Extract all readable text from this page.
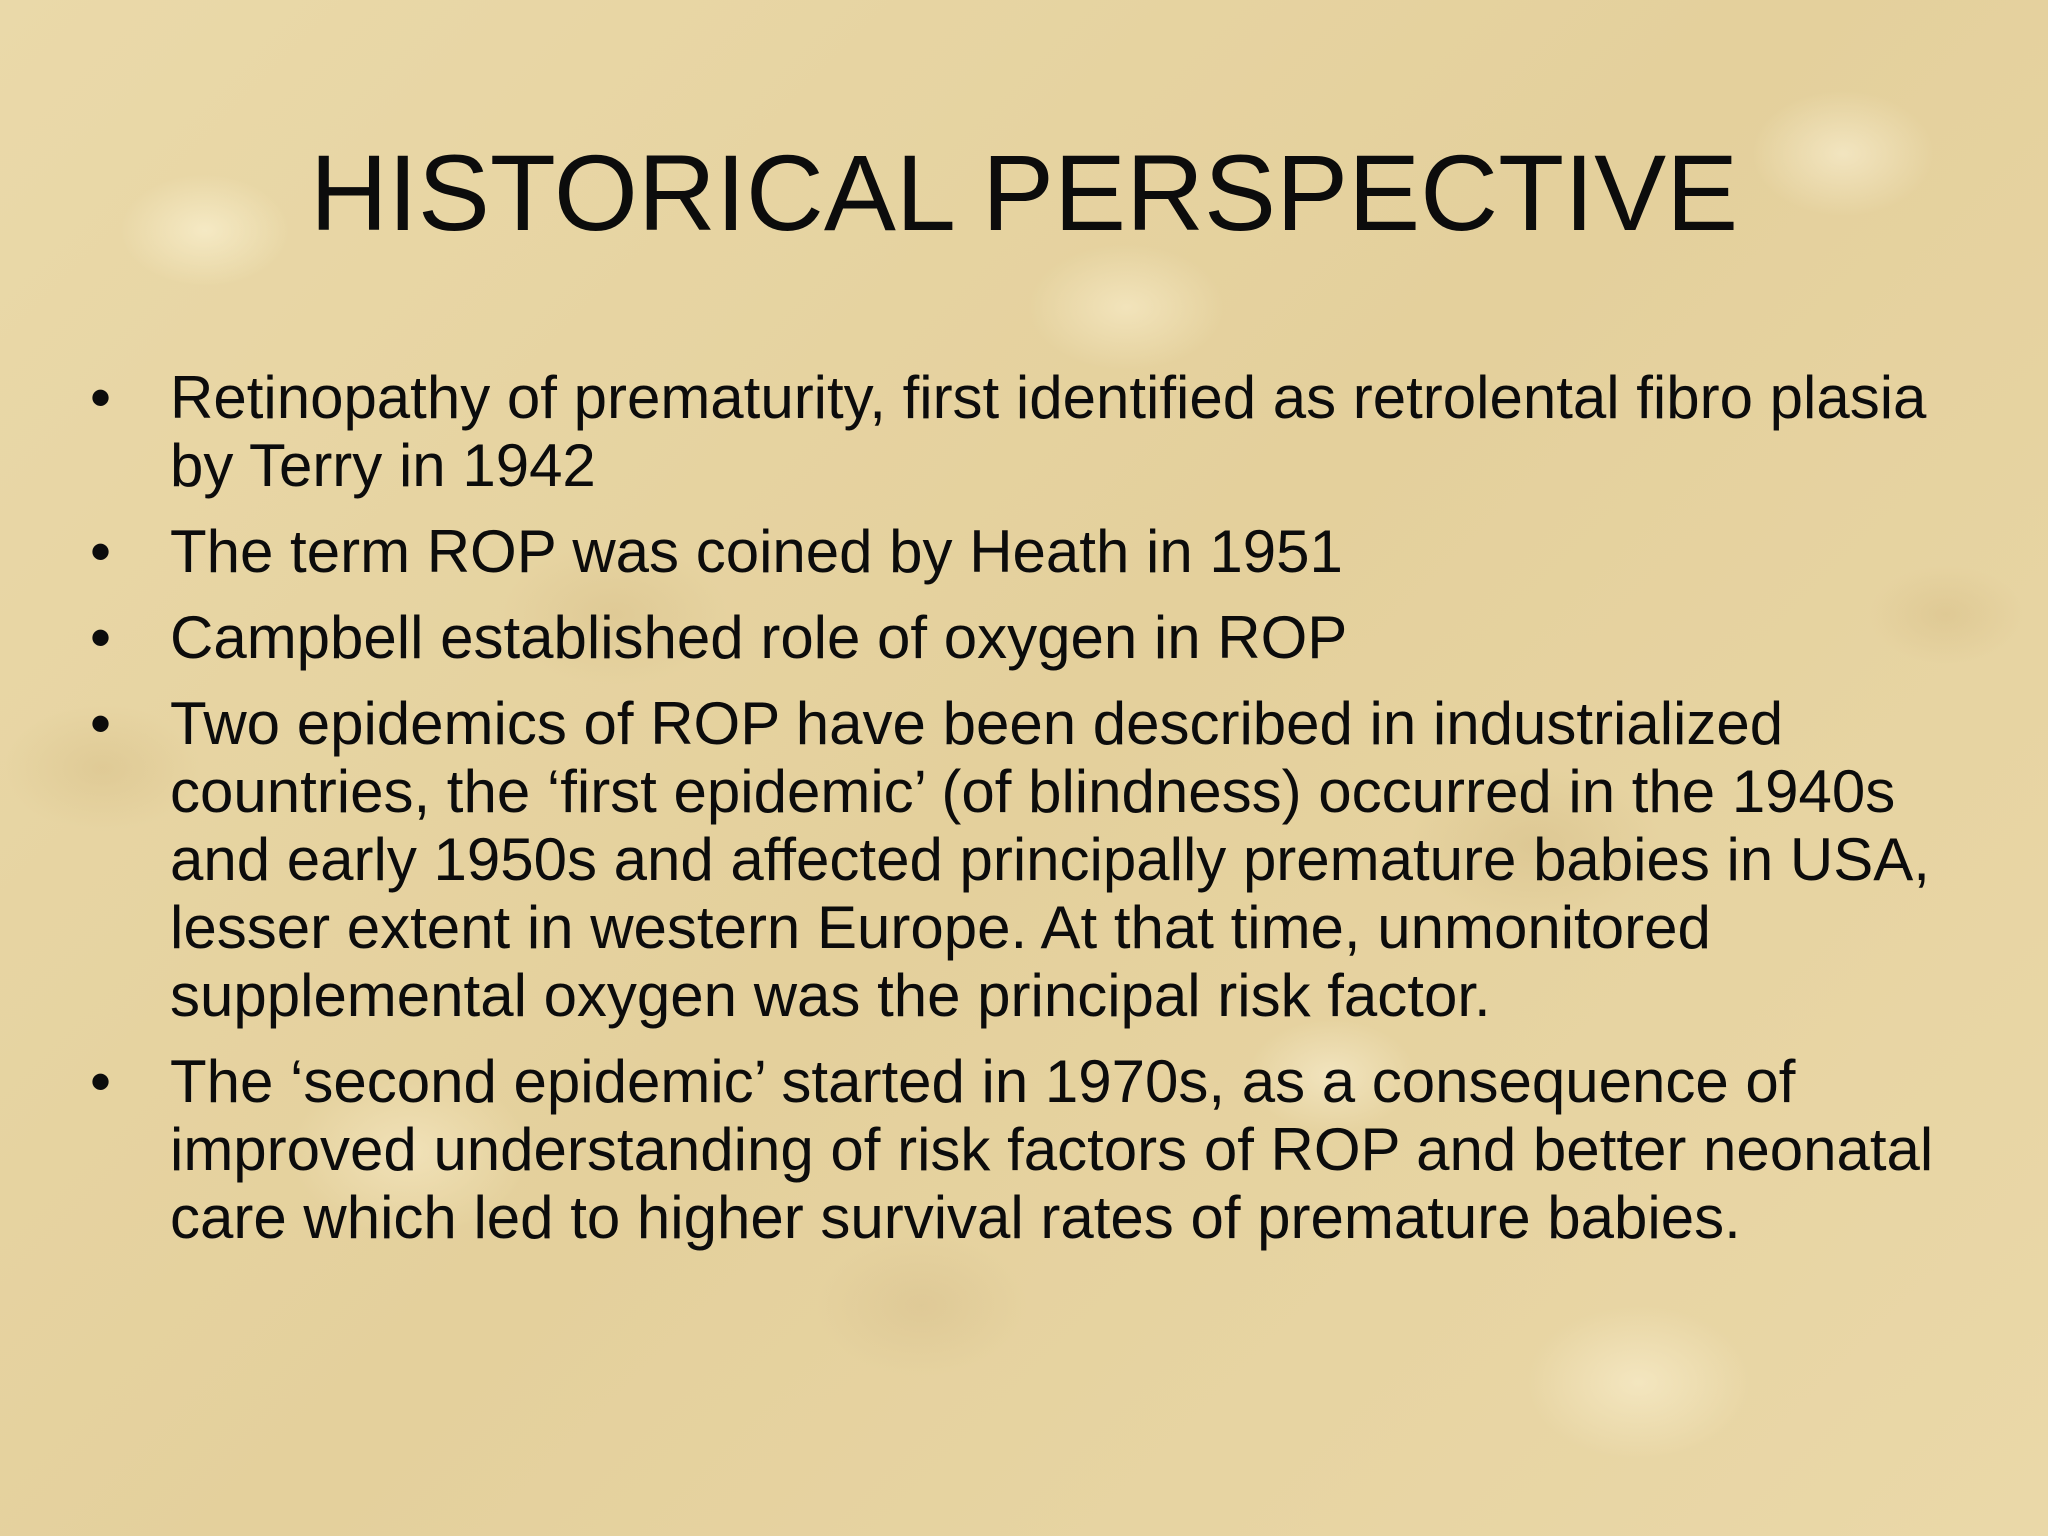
HISTORICAL PERSPECTIVE
• Retinopathy of prematurity, first identified as retrolental fibro plasia by Terry in 1942
• The term ROP was coined by Heath in 1951
• Campbell established role of oxygen in ROP
• Two epidemics of ROP have been described in industrialized countries, the ‘first epidemic’ (of blindness) occurred in the 1940s and early 1950s and affected principally premature babies in USA, lesser extent in western Europe. At that time, unmonitored supplemental oxygen was the principal risk factor.
• The ‘second epidemic’ started in 1970s, as a consequence of improved understanding of risk factors of ROP and better neonatal care which led to higher survival rates of premature babies.
